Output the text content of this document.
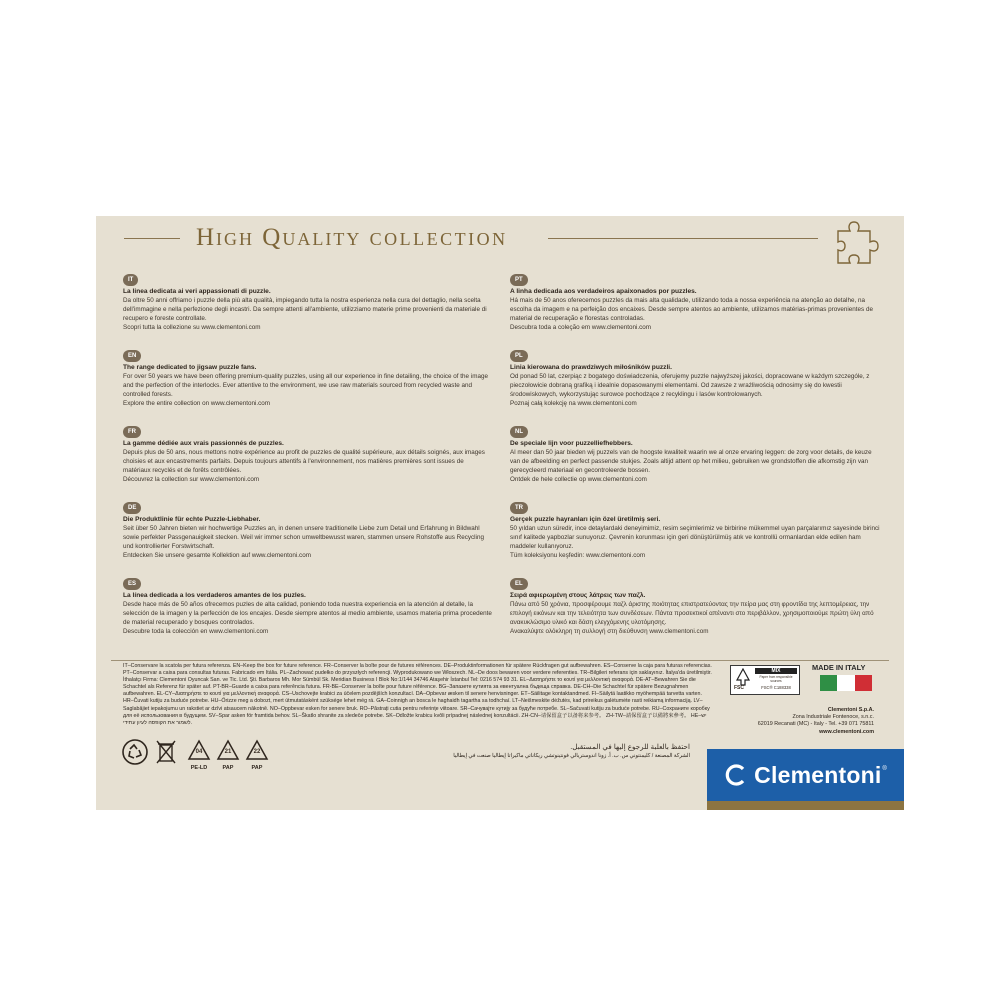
High Quality COLLECTION
IT
La linea dedicata ai veri appassionati di puzzle.
Da oltre 50 anni offriamo i puzzle della più alta qualità, impiegando tutta la nostra esperienza nella cura del dettaglio, nella scelta dell'immagine e nella perfezione degli incastri. Da sempre attenti all'ambiente, utilizziamo materie prime provenienti da materiale di recupero e foreste controllate.
Scopri tutta la collezione su www.clementoni.com
EN
The range dedicated to jigsaw puzzle fans.
For over 50 years we have been offering premium-quality puzzles, using all our experience in fine detailing, the choice of the image and the perfection of the interlocks. Ever attentive to the environment, we use raw materials sourced from recycled waste and controlled forests.
Explore the entire collection on www.clementoni.com
FR
La gamme dédiée aux vrais passionnés de puzzles.
Depuis plus de 50 ans, nous mettons notre expérience au profit de puzzles de qualité supérieure, aux détails soignés, aux images choisies et aux encastrements parfaits. Depuis toujours attentifs à l'environnement, nos matières premières sont issues de matériaux recyclés et de forêts contrôlées.
Découvrez la collection sur www.clementoni.com
DE
Die Produktlinie für echte Puzzle-Liebhaber.
Seit über 50 Jahren bieten wir hochwertige Puzzles an, in denen unsere traditionelle Liebe zum Detail und Erfahrung in Bildwahl sowie perfekter Passgenauigkeit stecken. Weil wir immer schon umweltbewusst waren, stammen unsere Rohstoffe aus Recycling und kontrollierter Forstwirtschaft.
Entdecken Sie unsere gesamte Kollektion auf www.clementoni.com
ES
La línea dedicada a los verdaderos amantes de los puzles.
Desde hace más de 50 años ofrecemos puzles de alta calidad, poniendo toda nuestra experiencia en la atención al detalle, la selección de la imagen y la perfección de los encajes. Desde siempre atentos al medio ambiente, usamos materia prima procedente de material recuperado y bosques controlados.
Descubre toda la colección en www.clementoni.com
PT
A linha dedicada aos verdadeiros apaixonados por puzzles.
Há mais de 50 anos oferecemos puzzles da mais alta qualidade, utilizando toda a nossa experiência na atenção ao detalhe, na escolha da imagem e na perfeição dos encaixes. Desde sempre atentos ao ambiente, utilizamos matérias-primas provenientes de material de recuperação e florestas controladas.
Descubra toda a coleção em www.clementoni.com
PL
Linia kierowana do prawdziwych miłośników puzzli.
Od ponad 50 lat, czerpiąc z bogatego doświadczenia, oferujemy puzzle najwyższej jakości, dopracowane w każdym szczególe, z pieczołowicie dobraną grafiką i idealnie dopasowanymi elementami. Od zawsze z wrażliwością odnosimy się do kwestii środowiskowych, wykorzystując surowce pochodzące z recyklingu i lasów kontrolowanych.
Poznaj całą kolekcję na www.clementoni.com
NL
De speciale lijn voor puzzelliefhebbers.
Al meer dan 50 jaar bieden wij puzzels van de hoogste kwaliteit waarin we al onze ervaring leggen: de zorg voor details, de keuze van de afbeelding en perfect passende stukjes. Zoals altijd attent op het milieu, gebruiken we grondstoffen die afkomstig zijn van gerecycleerd materiaal en gecontroleerde bossen.
Ontdek de hele collectie op www.clementoni.com
TR
Gerçek puzzle hayranları için özel üretilmiş seri.
50 yıldan uzun süredir, ince detaylardaki deneyimimiz, resim seçimlerimiz ve birbirine mükemmel uyan parçalarımız sayesinde birinci sınıf kalitede yapbozlar sunuyoruz. Çevrenin korunması için geri dönüştürülmüş atık ve kontrollü ormanlardan elde edilen ham maddeler kullanıyoruz.
Tüm koleksiyonu keşfedin: www.clementoni.com
EL
Σειρά αφιερωμένη στους λάτρεις των παζλ.
Πάνω από 50 χρόνια, προσφέρουμε παζλ άριστης ποιότητας επιστρατεύοντας την πείρα μας στη φροντίδα της λεπτομέρειας, την επιλογή εικόνων και την τελειότητα των συνδέσεων. Πάντα προσεκτικοί απέναντι στο περιβάλλον, χρησιμοποιούμε πρώτη ύλη από ανακυκλώσιμο υλικό και δάση ελεγχόμενης υλοτόμησης.
Ανακαλύψτε ολόκληρη τη συλλογή στη διεύθυνση www.clementoni.com
IT–Conservare la scatola per futura referenza. EN–Keep the box for future reference. FR–Conserver la boîte pour de futures références. DE–Produktinformationen für spätere Rückfragen gut aufbewahren. ES–Conserve la caja para futuras referencias. PT–Conservar a caixa para consultas futuras. Fabricado em Itália. PL–Zachować pudełko do przyszłych referencji. Wyprodukowano we Włoszech. NL–De doos bewaren voor verdere referenties. TR–Bilgileri referans için saklayınız. İtalya'da üretilmiştir. İthalatçı Firma: Clementoni Oyuncak San. ve Tic. Ltd. Şti. Barbaros Mh. Mor Sümbül Sk. Meridian Business I Blok No:1/144 34746 Ataşehir İstanbul Tel: 0216 574 93 31. EL–Διατηρήστε το κουτί για μελλοντική αναφορά. DE-AT–Bewahren Sie die Schachtel als Referenz für später auf. PT-BR–Guarde a caixa para referência futura. FR-BE–Conserver la boîte pour future référence. BG–Запазете кутията за евентуална бъдеща справка. DE-CH–Die Schachtel für spätere Bezugnahmen aufbewahren. EL-CY–Διατηρήστε το κουτί για μελλοντική αναφορά. CS–Uschovejte krabici za účelem pozdějších konzultací. DA–Opbevar æsken til senere henvisninger. ET–Säilitage kontaktandmed. FI–Säilytä laatikko myöhempää tarvetta varten. HR–Čuvati kutiju za buduće potrebe. HU–Őrizze meg a dobozt, mert útmutatásként szüksége lehet még rá. GA–Coinnigh an bosca le haghaidh tagartha sa todhchaí. LT–Neišmeskite dėžutės, kad prireikus galėtumėte rasti reikiamą informaciją. LV–Saglabājiet iepakojumu un rakstiet ar dzīvi atsaucem nākotnē. NO–Oppbevar esken for senere bruk. RO–Păstrați cutia pentru referințe viitoare. SR–Сачувајте кутију за будуће потребе. SL–Sačuvati kutiju za buduće potrebe. RU–Сохраните коробку для её использования в будущем. SV–Spar asken för framtida behov. SL–Škatlo shranite za sledeče potrebe. SK–Odložte krabicu kvôli prípadnej následnej konzultácii. ZH-CN–请保留盒子以备将来参考。 ZH-TW–請保留盒子以備將來參考。 HE–יש לשמור את הקופסה לעיון עתידי.
04
PE-LD
21
PAP
22
PAP
احتفظ بالعلبة للرجوع إليها في المستقبل.
الشركة المصنعة / كليمنتوني س. ب. أ. زونا اندوستريالي فونتينوتشي ريكاناتي ماكيراتا إيطاليا صنعت في إيطاليا
FSC
MIX
Paper from responsible sources
FSC® C188338
MADE IN ITALY
Clementoni S.p.A.
Zona Industriale Fontenoce, s.n.c.
62019 Recanati (MC) - Italy - Tel. +39 071 75811
www.clementoni.com
Clementoni ®
